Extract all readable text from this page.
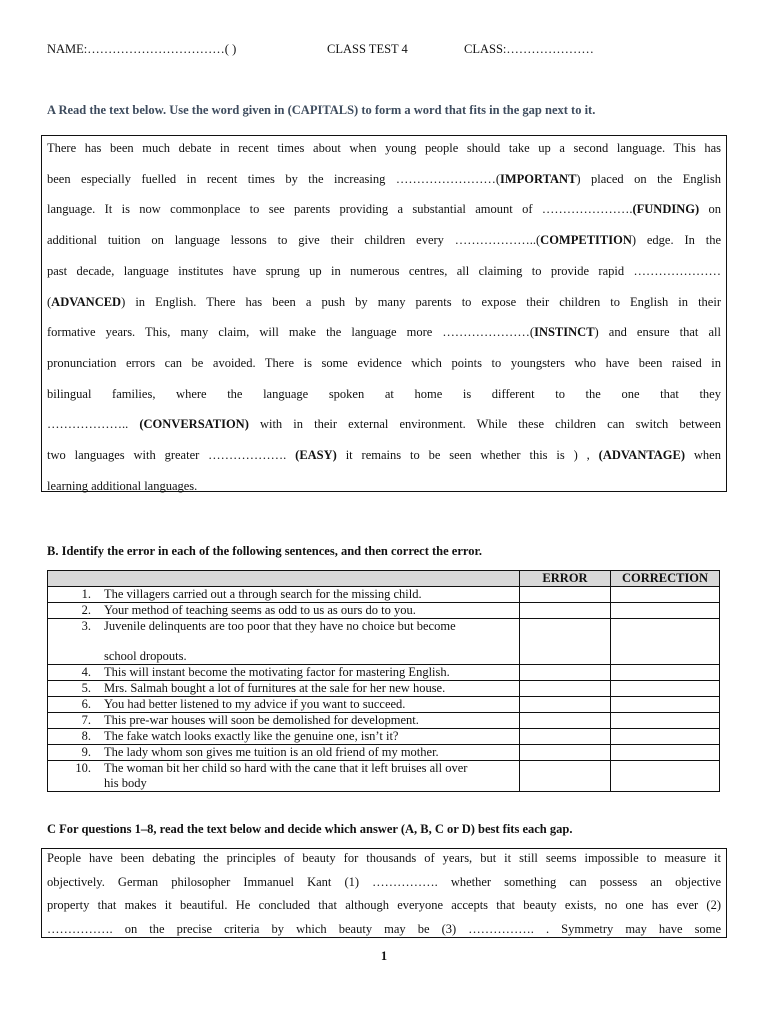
NAME:……………………………( )	CLASS TEST 4	CLASS:…………………
A Read the text below. Use the word given in (CAPITALS) to form a word that fits in the gap next to it.
There has been much debate in recent times about when young people should take up a second language. This has
been especially fuelled in recent times by the increasing ……………………(IMPORTANT) placed on the English
language. It is now commonplace to see parents providing a substantial amount of ………………….(FUNDING) on
additional tuition on language lessons to give their children every ………………..(COMPETITION) edge. In the
past decade, language institutes have sprung up in numerous centres, all claiming to provide rapid …………………
(ADVANCED) in English. There has been a push by many parents to expose their children to English in their
formative years. This, many claim, will make the language more …………………(INSTINCT) and ensure that all
pronunciation errors can be avoided. There is some evidence which points to youngsters who have been raised in
bilingual families, where the language spoken at home is different to the one that they
……………….. (CONVERSATION) with in their external environment. While these children can switch between
two languages with greater ………………. (EASY) it remains to be seen whether this is ) , (ADVANTAGE) when
learning additional languages.
B. Identify the error in each of the following sentences, and then correct the error.
		ERROR	CORRECTION
1.	The villagers carried out a through search for the missing child.		

2.	Your method of teaching seems as odd to us as ours do to you.		

3.	Juvenile delinquents are too poor that they have no choice but become
school dropouts.		

4.	This will instant become the motivating factor for mastering English.		

5.	Mrs. Salmah bought a lot of furnitures at the sale for her new house.		

6.	You had better listened to my advice if you want to succeed.		

7.	This pre-war houses will soon be demolished for development.		

8.	The fake watch looks exactly like the genuine one, isn’t it?		

9.	The lady whom son gives me tuition is an old friend of my mother.		

10.	The woman bit her child so hard with the cane that it left bruises all over
his body		

C For questions 1–8, read the text below and decide which answer (A, B, C or D) best fits each gap.
People have been debating the principles of beauty for thousands of years, but it still seems impossible to measure it
objectively. German philosopher Immanuel Kant (1) ……………. whether something can possess an objective
property that makes it beautiful. He concluded that although everyone accepts that beauty exists, no one has ever (2)
……………. on the precise criteria by which beauty may be (3) ……………. . Symmetry may have some
1
